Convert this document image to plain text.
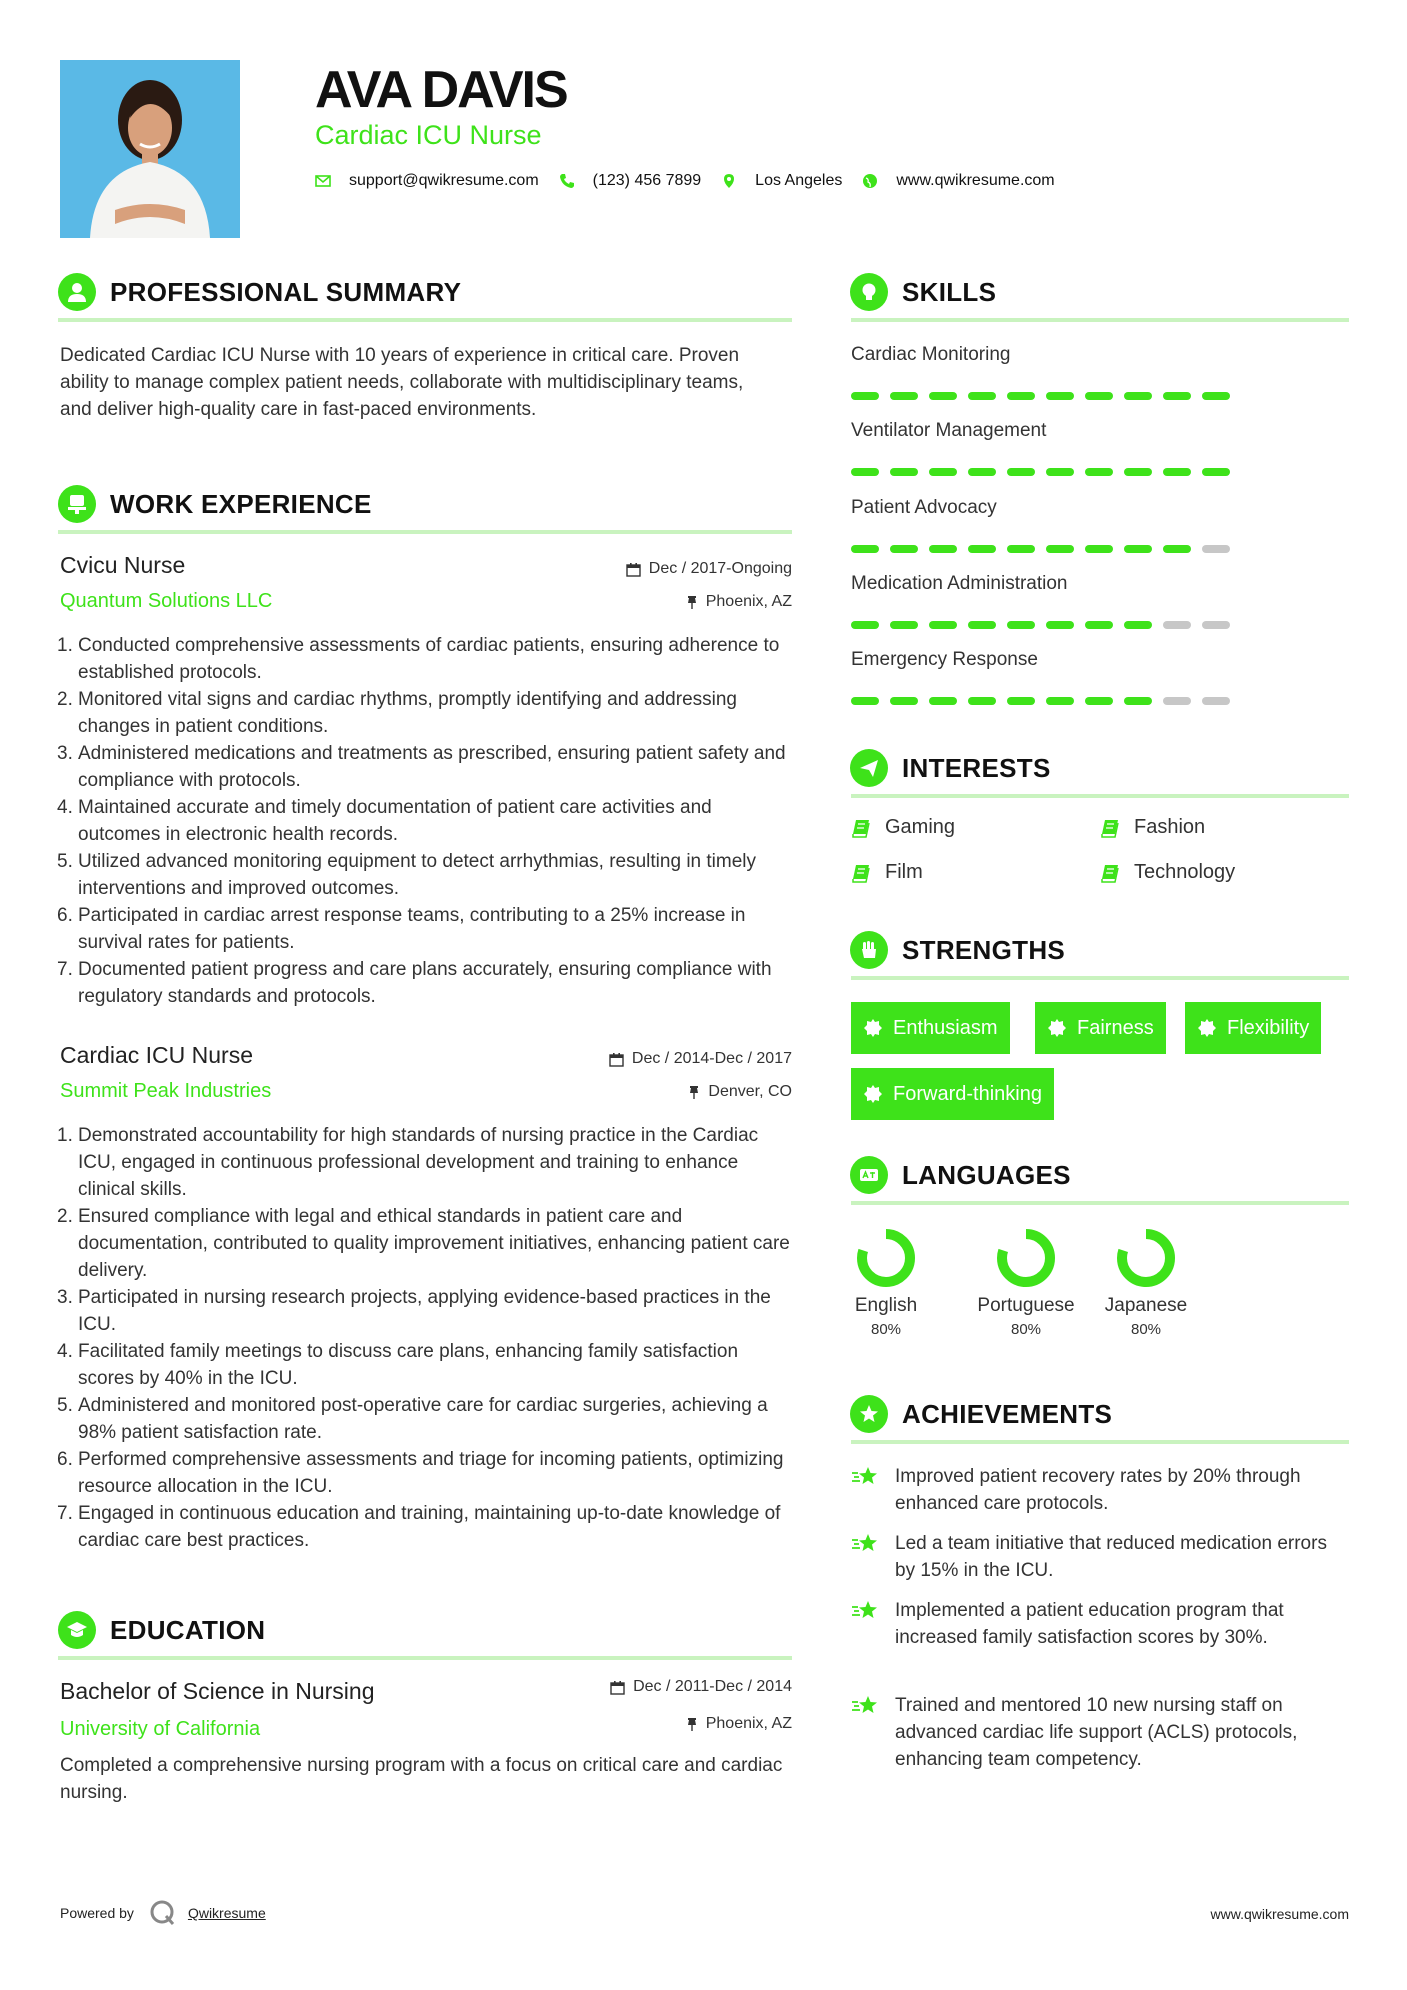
AVA DAVIS
Cardiac ICU Nurse
support@qwikresume.com	(123) 456 7899	Los Angeles	www.qwikresume.com
PROFESSIONAL SUMMARY
Dedicated Cardiac ICU Nurse with 10 years of experience in critical care. Proven ability to manage complex patient needs, collaborate with multidisciplinary teams, and deliver high-quality care in fast-paced environments.
WORK EXPERIENCE
Cvicu Nurse
Quantum Solutions LLC
Dec / 2017-Ongoing
Phoenix, AZ
1. Conducted comprehensive assessments of cardiac patients, ensuring adherence to established protocols.
2. Monitored vital signs and cardiac rhythms, promptly identifying and addressing changes in patient conditions.
3. Administered medications and treatments as prescribed, ensuring patient safety and compliance with protocols.
4. Maintained accurate and timely documentation of patient care activities and outcomes in electronic health records.
5. Utilized advanced monitoring equipment to detect arrhythmias, resulting in timely interventions and improved outcomes.
6. Participated in cardiac arrest response teams, contributing to a 25% increase in survival rates for patients.
7. Documented patient progress and care plans accurately, ensuring compliance with regulatory standards and protocols.
Cardiac ICU Nurse
Summit Peak Industries
Dec / 2014-Dec / 2017
Denver, CO
1. Demonstrated accountability for high standards of nursing practice in the Cardiac ICU, engaged in continuous professional development and training to enhance clinical skills.
2. Ensured compliance with legal and ethical standards in patient care and documentation, contributed to quality improvement initiatives, enhancing patient care delivery.
3. Participated in nursing research projects, applying evidence-based practices in the ICU.
4. Facilitated family meetings to discuss care plans, enhancing family satisfaction scores by 40% in the ICU.
5. Administered and monitored post-operative care for cardiac surgeries, achieving a 98% patient satisfaction rate.
6. Performed comprehensive assessments and triage for incoming patients, optimizing resource allocation in the ICU.
7. Engaged in continuous education and training, maintaining up-to-date knowledge of cardiac care best practices.
EDUCATION
Bachelor of Science in Nursing
University of California
Dec / 2011-Dec / 2014
Phoenix, AZ
Completed a comprehensive nursing program with a focus on critical care and cardiac nursing.
SKILLS
Cardiac Monitoring
Ventilator Management
Patient Advocacy
Medication Administration
Emergency Response
INTERESTS
Gaming	Fashion
Film	Technology
STRENGTHS
Enthusiasm	Fairness	Flexibility
Forward-thinking
LANGUAGES
English
80%
Portuguese
80%
Japanese
80%
ACHIEVEMENTS
Improved patient recovery rates by 20% through enhanced care protocols.
Led a team initiative that reduced medication errors by 15% in the ICU.
Implemented a patient education program that increased family satisfaction scores by 30%.
Trained and mentored 10 new nursing staff on advanced cardiac life support (ACLS) protocols, enhancing team competency.
Powered by	Qwikresume	www.qwikresume.com
